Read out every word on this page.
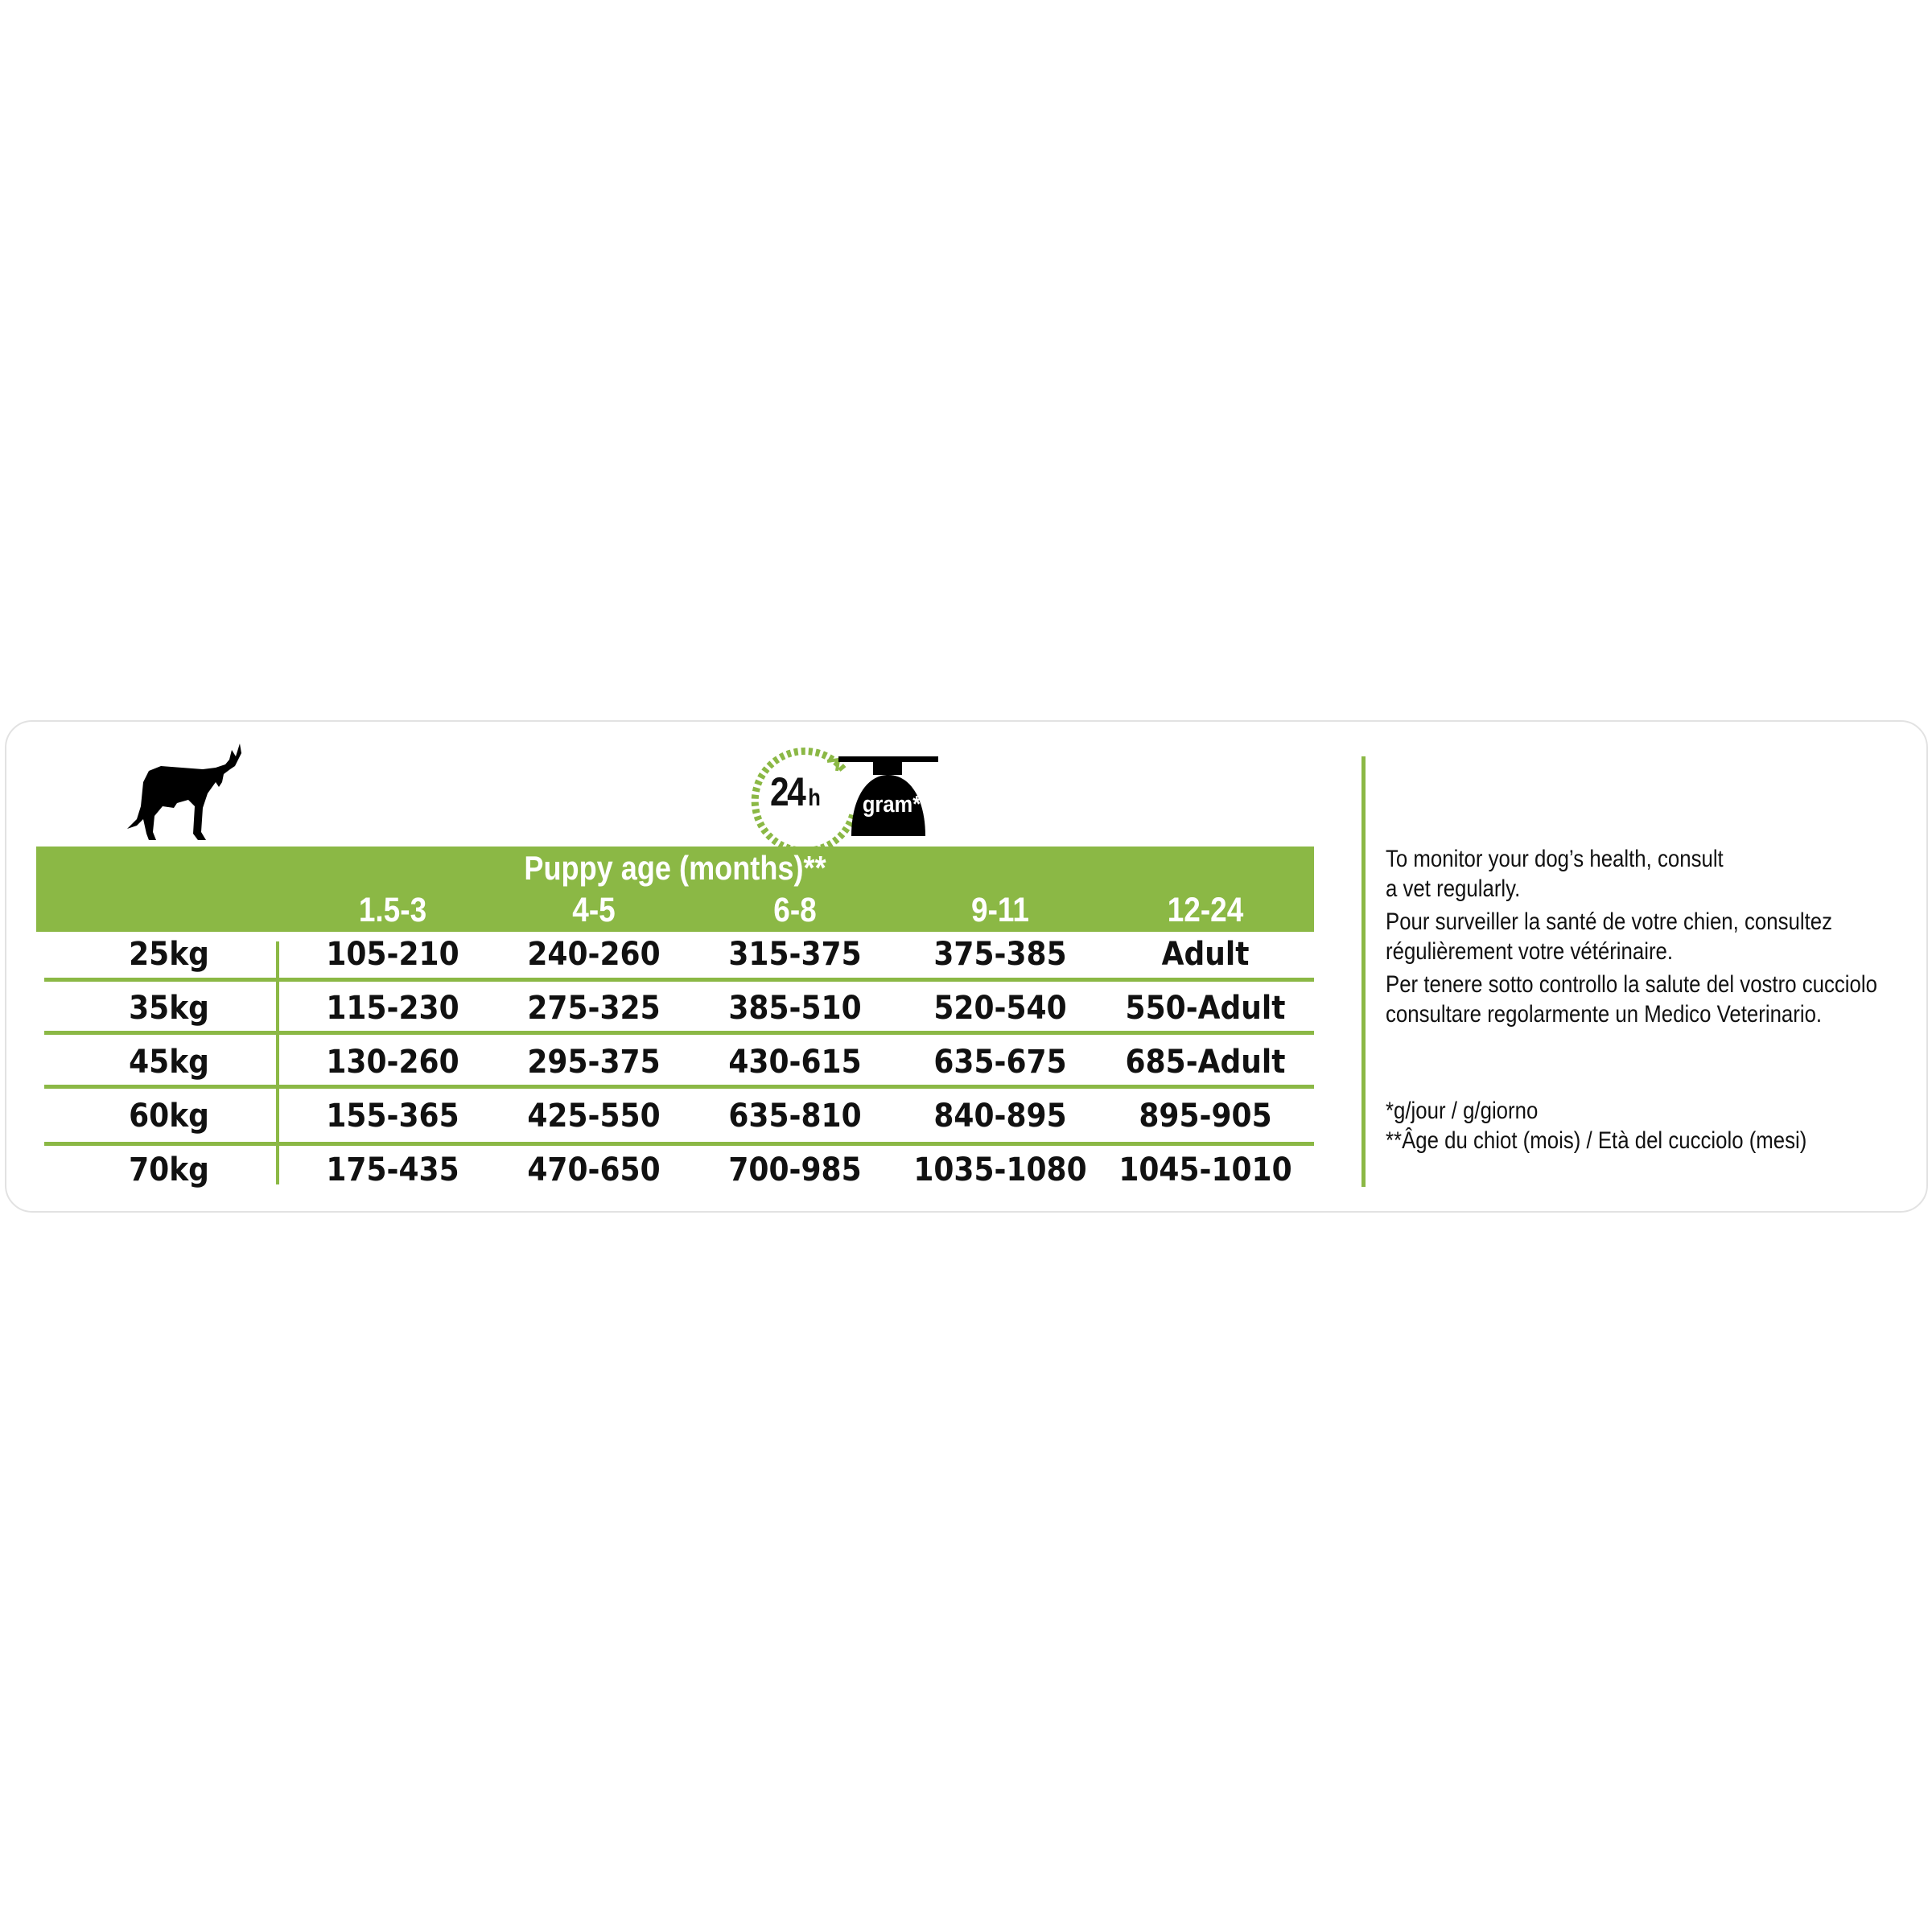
24 h gram*
Puppy age (months)**
1.5-3	4-5	6-8	9-11	12-24
25kg	105-210	240-260	315-375	375-385	Adult
35kg	115-230	275-325	385-510	520-540	550-Adult
45kg	130-260	295-375	430-615	635-675	685-Adult
60kg	155-365	425-550	635-810	840-895	895-905
70kg	175-435	470-650	700-985	1035-1080 1045-1010
To monitor your dog’s health, consult
a vet regularly.
Pour surveiller la santé de votre chien, consultez
régulièrement votre vétérinaire.
Per tenere sotto controllo la salute del vostro cucciolo
consultare regolarmente un Medico Veterinario.
*g/jour / g/giorno
**Âge du chiot (mois) / Età del cucciolo (mesi)
